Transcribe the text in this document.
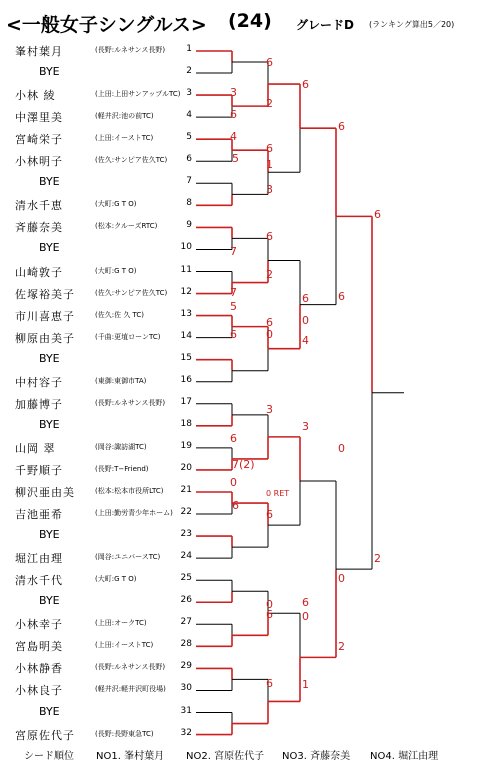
<一般女子シングルス> (24) グレードD (ランキング算出5／20)
峯村葉月	(長野:ルネサンス長野) 1
BYE	2
小林 綾	(上田:上田サンアップルTC) 3
中澤里美	(軽井沢:池の前TC)	4
宮崎栄子	(上田:イーストTC)	5
小林明子	(佐久:サンピア佐久TC) 6
BYE	7
清水千恵	(大町:G T O)	8
斉藤奈美	(松本:クルーズRTC)	9
BYE	10
山崎敦子	(大町:G T O)	11
佐塚裕美子	(佐久:サンピア佐久TC) 12
市川喜恵子	(佐久:佐 久 TC)	13
柳原由美子	(千曲:更埴ローンTC) 14
BYE	15
中村容子	(東御:東御市TA)	16
加藤博子	(長野:ルネサンス長野) 17
BYE	18
山岡 翠	(岡谷:諏訪湖TC)	19
千野順子	(長野:T−Friend)	20
柳沢亜由美	(松本:松本市役所LTC) 21
吉池亜希	(上田:勤労青少年ホーム) 22
BYE	23
堀江由理	(岡谷:ユニバースTC) 24
清水千代	(大町:G T O)	25
BYE	26
小林幸子	(上田:オークTC)	27
宮島明美	(上田:イーストTC)	28
小林静香	(長野:ルネサンス長野) 29
小林良子	(軽井沢:軽井沢町役場) 30
BYE	31
宮原佐代子	(長野:長野東急TC)	32
6
3
2
6
4
5
7
7
5
6
6
7(2)
0
6
6
6
1
3
6
2
6
0
3
0 RET
6
0
6
6
6
6
0
4
3
6
0
1
6
0
0
2
6
2
シード順位 NO1. 峯村葉月 NO2. 宮原佐代子 NO3. 斉藤奈美 NO4. 堀江由理
